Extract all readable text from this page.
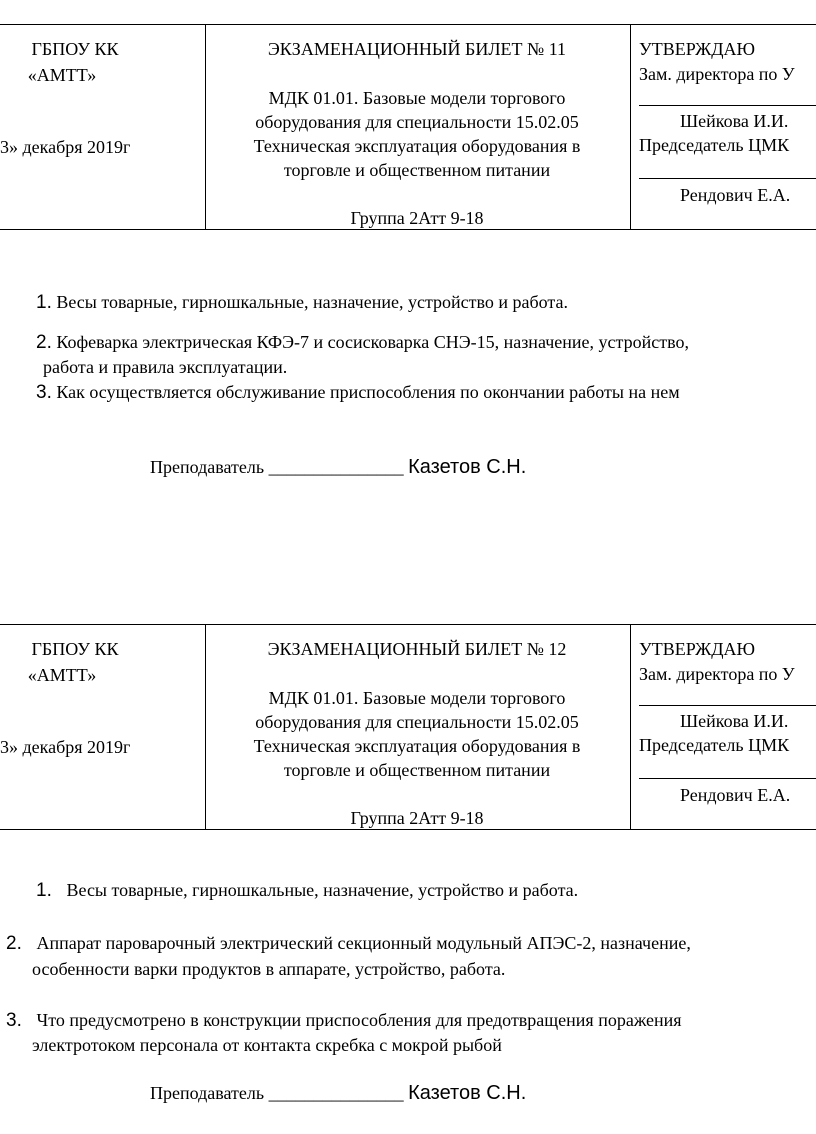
ГБПОУ КК
«АМТТ»
3» декабря 2019г
ЭКЗАМЕНАЦИОННЫЙ БИЛЕТ № 11
МДК 01.01. Базовые модели торгового
оборудования для специальности 15.02.05
Техническая эксплуатация оборудования в
торговле и общественном питании
Группа 2Атт 9-18
УТВЕРЖДАЮ
Зам. директора по У
Шейкова И.И.
Председатель ЦМК
Рендович Е.А.
1. Весы товарные, гирношкальные, назначение, устройство и работа.
2. Кофеварка электрическая КФЭ-7 и сосисковарка СНЭ-15, назначение, устройство,
работа и правила эксплуатации.
3. Как осуществляется обслуживание приспособления по окончании работы на нем
Преподаватель _______________ Казетов С.Н.
ГБПОУ КК
«АМТТ»
3» декабря 2019г
ЭКЗАМЕНАЦИОННЫЙ БИЛЕТ № 12
МДК 01.01. Базовые модели торгового
оборудования для специальности 15.02.05
Техническая эксплуатация оборудования в
торговле и общественном питании
Группа 2Атт 9-18
УТВЕРЖДАЮ
Зам. директора по У
Шейкова И.И.
Председатель ЦМК
Рендович Е.А.
1. Весы товарные, гирношкальные, назначение, устройство и работа.
2. Аппарат пароварочный электрический секционный модульный АПЭС-2, назначение,
особенности варки продуктов в аппарате, устройство, работа.
3. Что предусмотрено в конструкции приспособления для предотвращения поражения
электротоком персонала от контакта скребка с мокрой рыбой
Преподаватель _______________ Казетов С.Н.
